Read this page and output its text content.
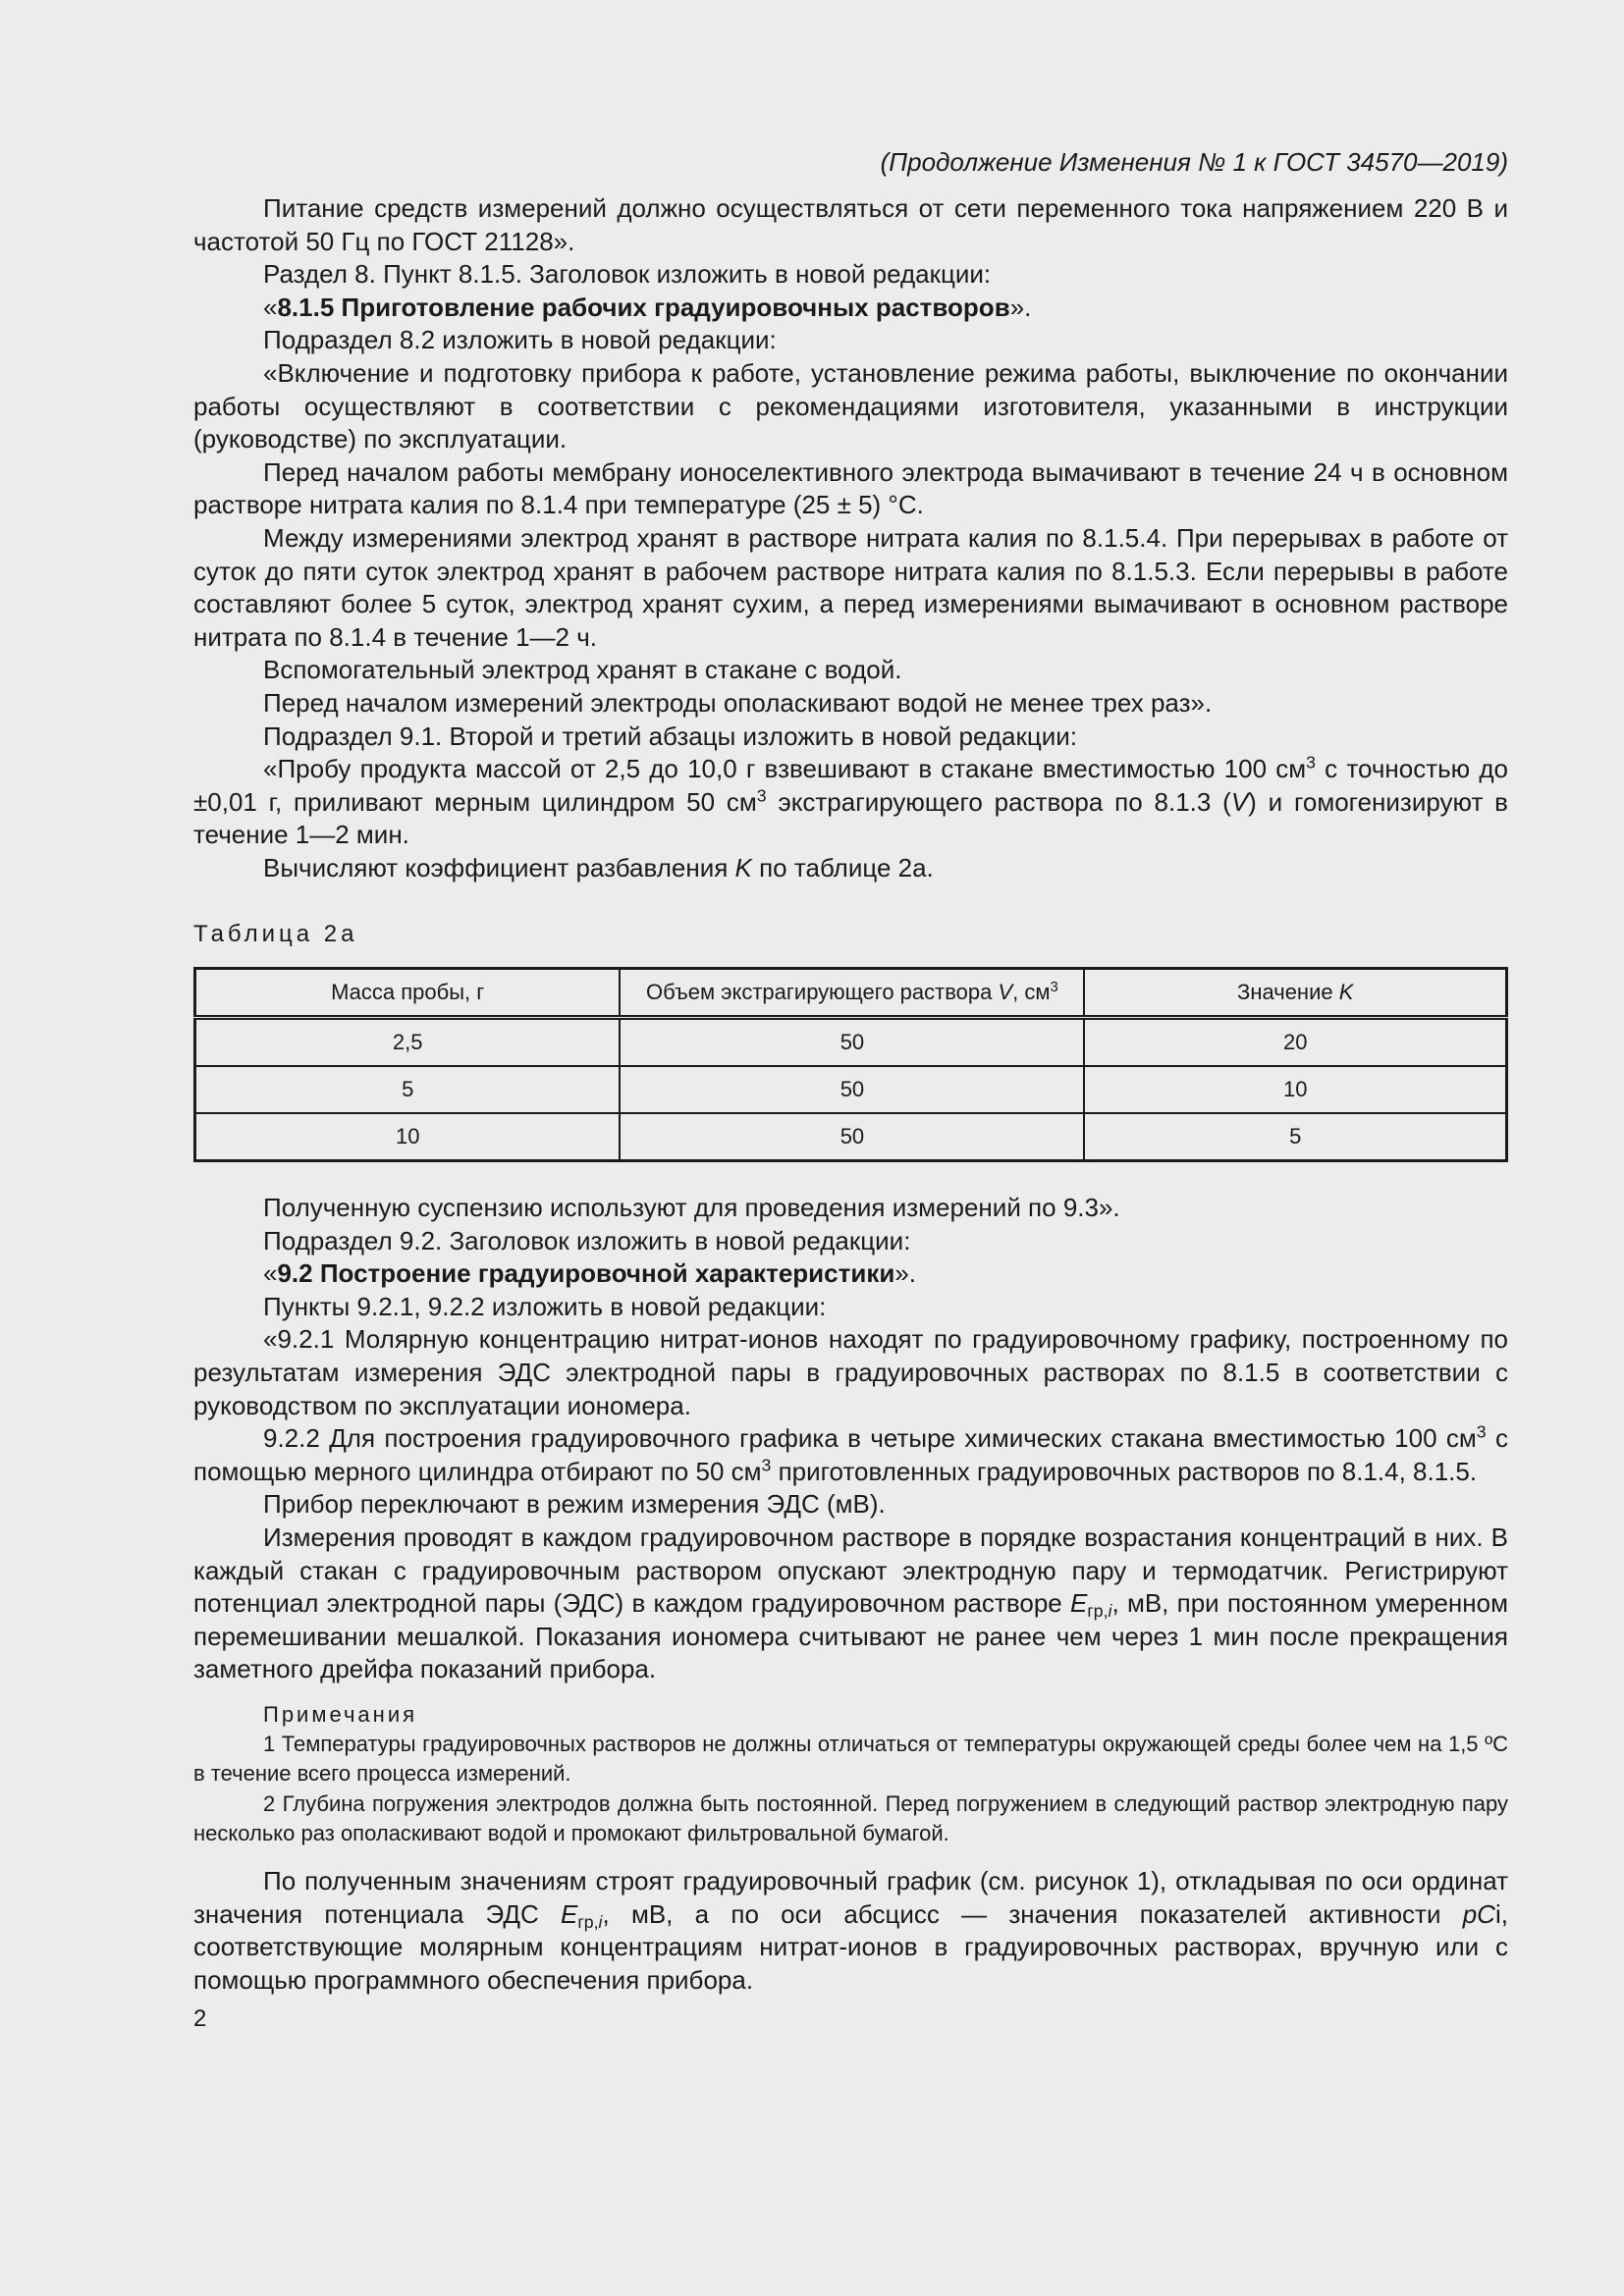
(Продолжение Изменения № 1 к ГОСТ 34570—2019)

Питание средств измерений должно осуществляться от сети переменного тока напряжением 220 В и частотой 50 Гц по ГОСТ 21128».

Раздел 8. Пункт 8.1.5. Заголовок изложить в новой редакции:

«8.1.5 Приготовление рабочих градуировочных растворов».

Подраздел 8.2 изложить в новой редакции:

«Включение и подготовку прибора к работе, установление режима работы, выключение по окончании работы осуществляют в соответствии с рекомендациями изготовителя, указанными в инструкции (руководстве) по эксплуатации.

Перед началом работы мембрану ионоселективного электрода вымачивают в течение 24 ч в основном растворе нитрата калия по 8.1.4 при температуре (25 ± 5) °С.

Между измерениями электрод хранят в растворе нитрата калия по 8.1.5.4. При перерывах в работе от суток до пяти суток электрод хранят в рабочем растворе нитрата калия по 8.1.5.3. Если перерывы в работе составляют более 5 суток, электрод хранят сухим, а перед измерениями вымачивают в основном растворе нитрата по 8.1.4 в течение 1—2 ч.

Вспомогательный электрод хранят в стакане с водой.

Перед началом измерений электроды ополаскивают водой не менее трех раз».

Подраздел 9.1. Второй и третий абзацы изложить в новой редакции:

«Пробу продукта массой от 2,5 до 10,0 г взвешивают в стакане вместимостью 100 $см^3$ с точностью до ±0,01 г, приливают мерным цилиндром 50 $см^3$ экстрагирующего раствора по 8.1.3 (V) и гомогенизируют в течение 1—2 мин.

Вычисляют коэффициент разбавления K по таблице 2а.

Таблица 2а

Масса пробы, г	Объем экстрагирующего раствора V, $см^3$	Значение K
2,5	50	20
5	50	10
10	50	5

Полученную суспензию используют для проведения измерений по 9.3».

Подраздел 9.2. Заголовок изложить в новой редакции:

«9.2 Построение градуировочной характеристики».

Пункты 9.2.1, 9.2.2 изложить в новой редакции:

«9.2.1 Молярную концентрацию нитрат-ионов находят по градуировочному графику, построенному по результатам измерения ЭДС электродной пары в градуировочных растворах по 8.1.5 в соответствии с руководством по эксплуатации иономера.

9.2.2 Для построения градуировочного графика в четыре химических стакана вместимостью 100 $см^3$ с помощью мерного цилиндра отбирают по 50 $см^3$ приготовленных градуировочных растворов по 8.1.4, 8.1.5.

Прибор переключают в режим измерения ЭДС (мВ).

Измерения проводят в каждом градуировочном растворе в порядке возрастания концентраций в них. В каждый стакан с градуировочным раствором опускают электродную пару и термодатчик. Регистрируют потенциал электродной пары (ЭДС) в каждом градуировочном растворе $E_{гр,i}$, мВ, при постоянном умеренном перемешивании мешалкой. Показания иономера считывают не ранее чем через 1 мин после прекращения заметного дрейфа показаний прибора.

Примечания

1 Температуры градуировочных растворов не должны отличаться от температуры окружающей среды более чем на 1,5 ºС в течение всего процесса измерений.

2 Глубина погружения электродов должна быть постоянной. Перед погружением в следующий раствор электродную пару несколько раз ополаскивают водой и промокают фильтровальной бумагой.

По полученным значениям строят градуировочный график (см. рисунок 1), откладывая по оси ординат значения потенциала ЭДС $E_{гр,i}$, мВ, а по оси абсцисс — значения показателей активности pCi, соответствующие молярным концентрациям нитрат-ионов в градуировочных растворах, вручную или с помощью программного обеспечения прибора.

2
